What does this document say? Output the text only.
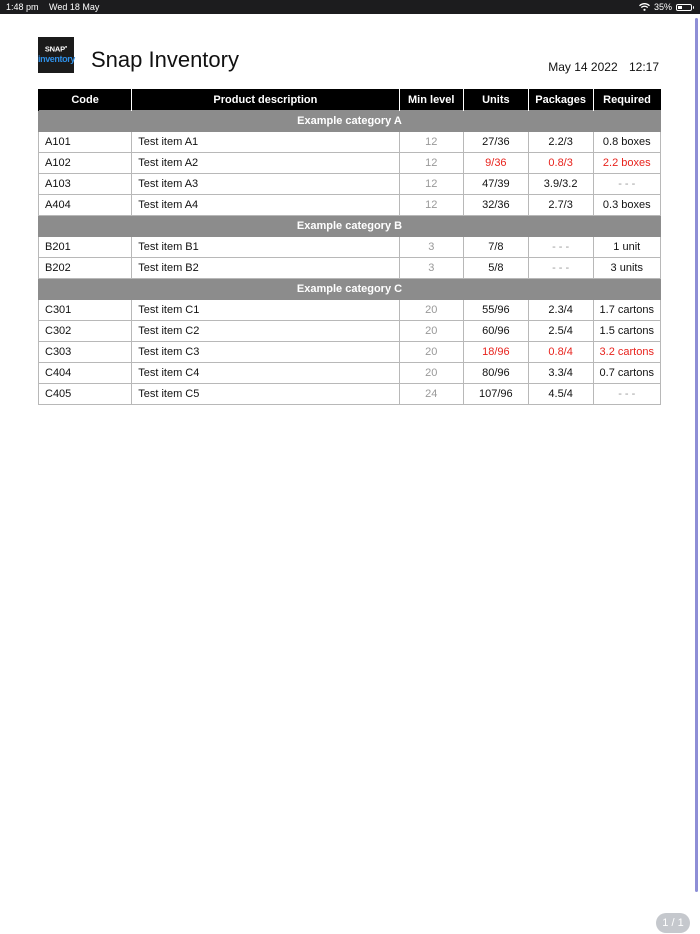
1:48 pm Wed 18 May	35%
SNAP●
inventory Snap Inventory	May 14 2022 12:17
Code	Product description	Min level	Units	Packages	Required
Example category A					
A101	Test item A1	12	27/36	2.2/3	0.8 boxes
A102	Test item A2	12	9/36	0.8/3	2.2 boxes
A103	Test item A3	12	47/39	3.9/3.2	- - -
A404	Test item A4	12	32/36	2.7/3	0.3 boxes
Example category B					
B201	Test item B1	3	7/8	- - -	1 unit
B202	Test item B2	3	5/8	- - -	3 units
Example category C					
C301	Test item C1	20	55/96	2.3/4	1.7 cartons
C302	Test item C2	20	60/96	2.5/4	1.5 cartons
C303	Test item C3	20	18/96	0.8/4	3.2 cartons
C404	Test item C4	20	80/96	3.3/4	0.7 cartons
C405	Test item C5	24	107/96	4.5/4	- - -
1 / 1
